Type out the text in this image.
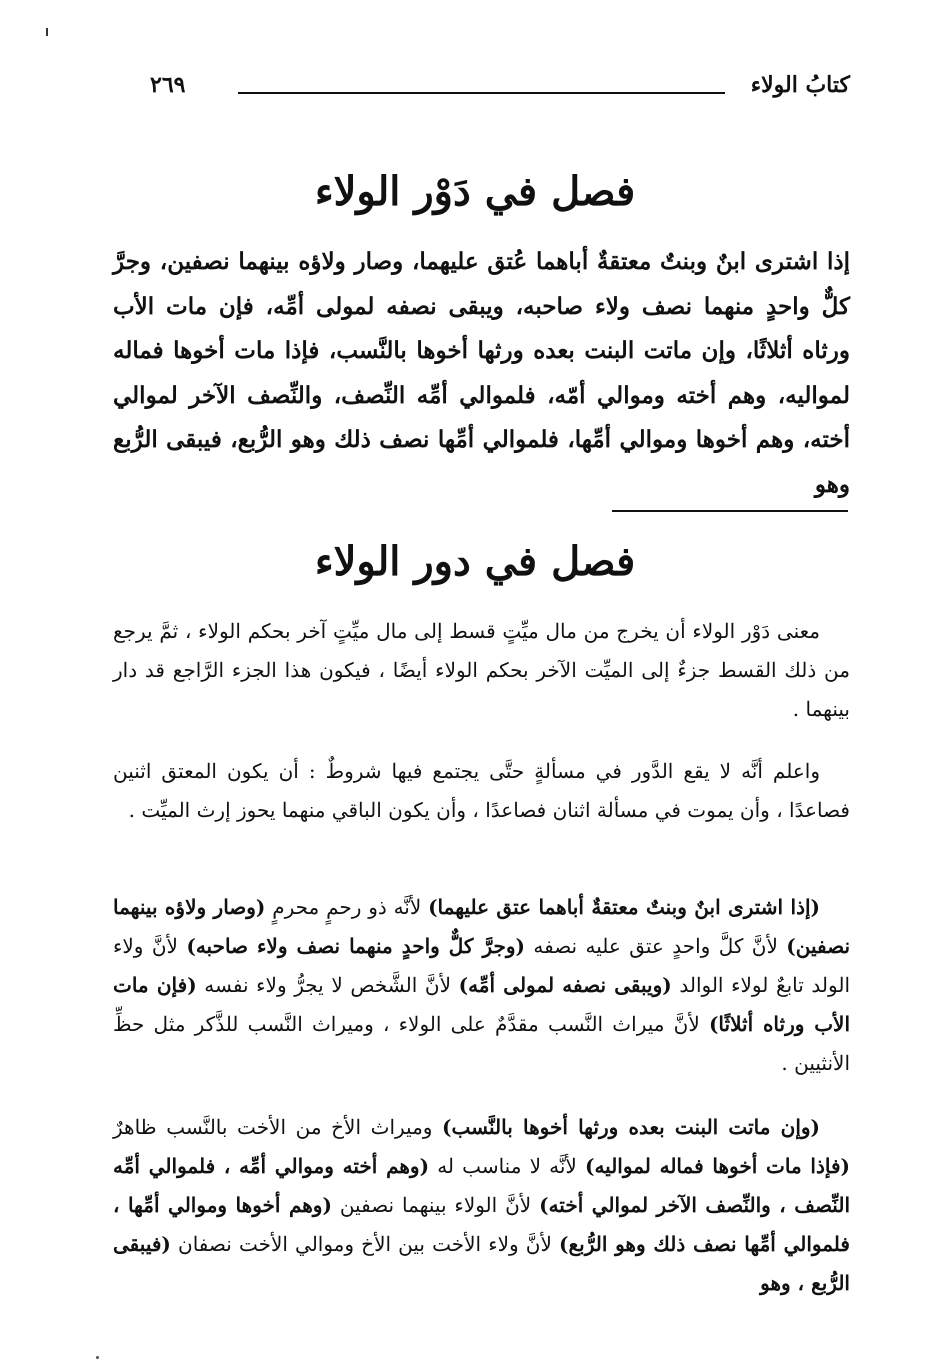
كتابُ الولاء
٢٦٩
فصل في دَوْر الولاء

إذا اشترى ابنٌ وبنتٌ معتقةٌ أباهما عُتق عليهما، وصار ولاؤه بينهما نصفين، وجرَّ كلٌّ واحدٍ منهما نصف ولاء صاحبه، ويبقى نصفه لمولى أمِّه، فإن مات الأب ورثاه أثلاثًا، وإن ماتت البنت بعده ورثها أخوها بالنَّسب، فإذا مات أخوها فماله لمواليه، وهم أخته وموالي أمّه، فلموالي أمِّه النِّصف، والنِّصف الآخر لموالي أخته، وهم أخوها وموالي أمِّها، فلموالي أمِّها نصف ذلك وهو الرُّبع، فيبقى الرُّبع وهو

فصل في دور الولاء

معنى دَوْر الولاء أن يخرج من مال ميِّتٍ قسط إلى مال ميِّتٍ آخر بحكم الولاء ، ثمَّ يرجع من ذلك القسط جزءٌ إلى الميِّت الآخر بحكم الولاء أيضًا ، فيكون هذا الجزء الرَّاجع قد دار بينهما .

واعلم أنَّه لا يقع الدَّور في مسألةٍ حتَّى يجتمع فيها شروطٌ : أن يكون المعتق اثنين فصاعدًا ، وأن يموت في مسألة اثنان فصاعدًا ، وأن يكون الباقي منهما يحوز إرث الميِّت .

(إذا اشترى ابنٌ وبنتٌ معتقةٌ أباهما عتق عليهما) لأنَّه ذو رحمٍ محرمٍ (وصار ولاؤه بينهما نصفين) لأنَّ كلَّ واحدٍ عتق عليه نصفه (وجرَّ كلٌّ واحدٍ منهما نصف ولاء صاحبه) لأنَّ ولاء الولد تابعٌ لولاء الوالد (ويبقى نصفه لمولى أمِّه) لأنَّ الشَّخص لا يجرُّ ولاء نفسه (فإن مات الأب ورثاه أثلاثًا) لأنَّ ميراث النَّسب مقدَّمٌ على الولاء ، وميراث النَّسب للذَّكر مثل حظِّ الأنثيين .

(وإن ماتت البنت بعده ورثها أخوها بالنَّسب) وميراث الأخ من الأخت بالنَّسب ظاهرٌ (فإذا مات أخوها فماله لمواليه) لأنَّه لا مناسب له (وهم أخته وموالي أمِّه ، فلموالي أمِّه النِّصف ، والنِّصف الآخر لموالي أخته) لأنَّ الولاء بينهما نصفين (وهم أخوها وموالي أمِّها ، فلموالي أمِّها نصف ذلك وهو الرُّبع) لأنَّ ولاء الأخت بين الأخ وموالي الأخت نصفان (فيبقى الرُّبع ، وهو
